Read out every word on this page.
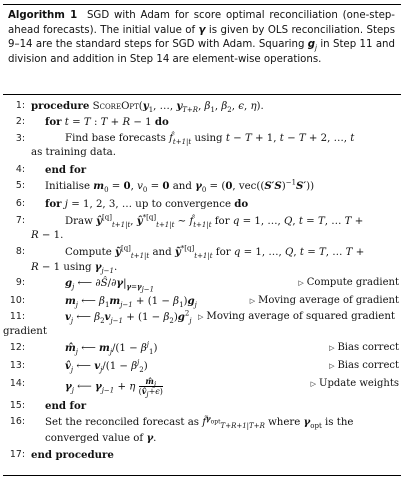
Algorithm 1 SGD with Adam for score optimal reconciliation (one-step-ahead forecasts). The initial value of γ is given by OLS reconciliation. Steps 9–14 are the standard steps for SGD with Adam. Squaring $g_j$ in Step 11 and division and addition in Step 14 are element-wise operations.
1: procedure $ScoreOpt(y_1$, …, $y_{T+R}$, $\beta_1$, $\beta_2$, ϵ, η).
2:	for t = T : T + R − 1 do
3:	Find base forecasts $f̂_{t+1|t}$ using t − T + 1, t − T + 2, …, t
as training data.
4:	end for
5:	Initialise $m_0 = 0$, $v_0 = 0$ and $\gamma_0 = (0$, $vec((S'S)^{-1}S')$)
6:	for j = 1, 2, 3, … up to convergence do
7:	Draw $ŷ[q]_{t+1|t}$, $ŷ^{*[q]}_{t+1|t}$ ∼ $f̂_{t+1|t}$ for q = 1, …, Q, t = T, … T +
R − 1.
8:	Compute ỹ[q]$_{t+1|t}$ and ỹ$^{*[q]}_{t+1|t}$ for q = 1, …, Q, t = T, … T +
R − 1 using $\gamma_{j-1}$.
9:	$g_j$ ⟵ $\partial Ŝ/\partial\gamma|_{\gamma=\gamma_{j-1}}$
▷ Compute gradient
10:	$m_j$ ⟵ $\beta_1m_{j-1} + (1 - \beta_1)g_j$
▷ Moving average of gradient
11:	$v_j$ ⟵ $\beta_2v_{j-1} + (1 - \beta_2)g^2_j$
▷ Moving average of squared gradient

gradient
12:	$m̂_j$ ⟵ $m_j/(1 - \beta^j_1)$	▷ Bias correct
13:	$v̂_j$ ⟵ $v_j/(1 - \beta^j_2)$	▷ Bias correct
14:	$\gamma_j$ ⟵ $\gamma_{j-1} + \eta \frac{m̂_j}{(v̂_j+\epsilon)}$	▷ Update weights
15:	end for
16:	Set the reconciled forecast as f̃$^{\gamma_{opt}}_{T+R+1|T+R}$ where $\gamma_{opt}$ is the
converged value of γ.
17: end procedure
